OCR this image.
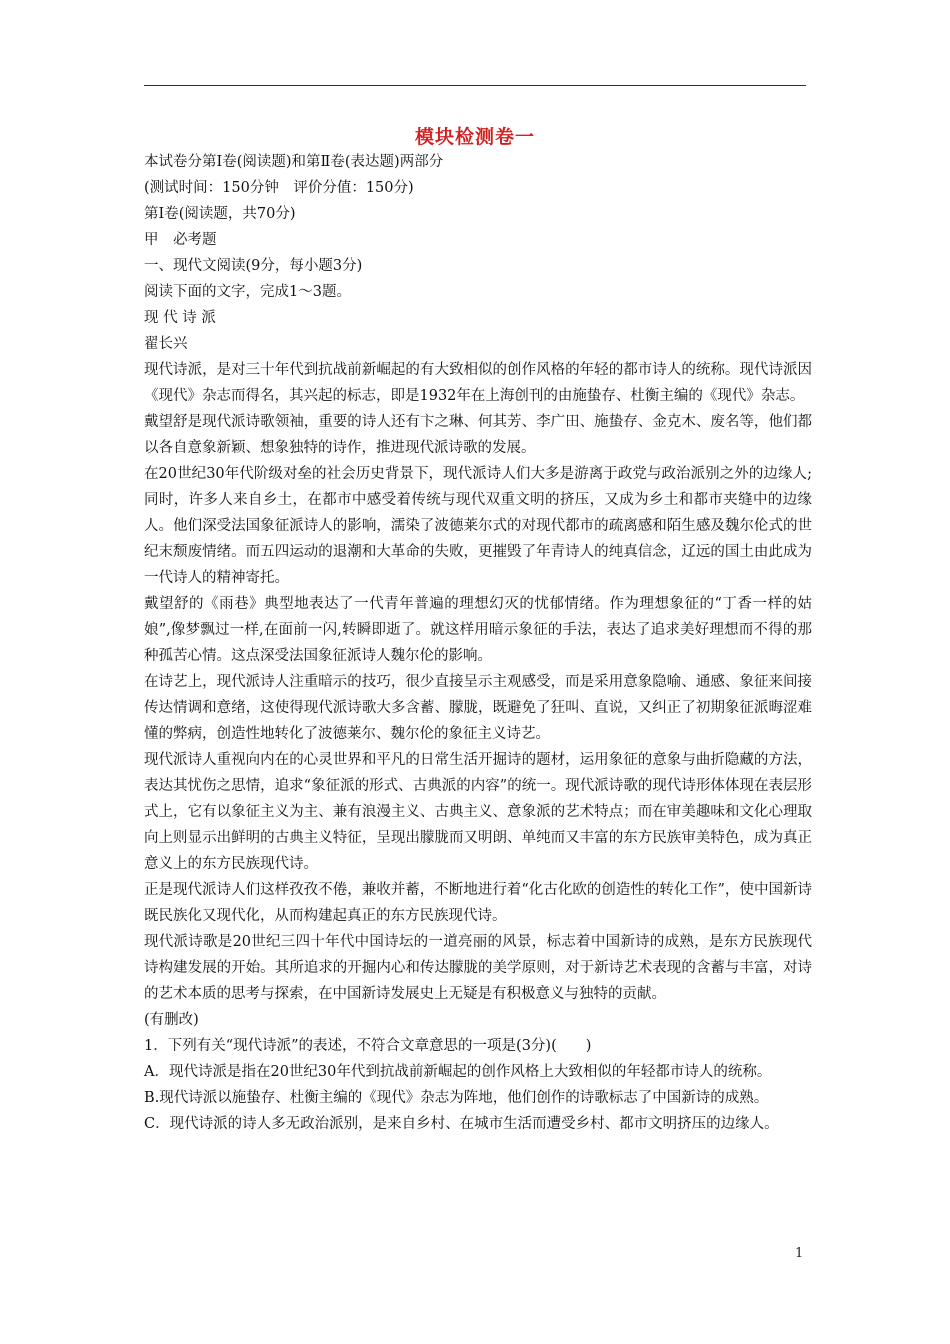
模块检测卷一

本试卷分第Ⅰ卷(阅读题)和第Ⅱ卷(表达题)两部分

(测试时间：150分钟　评价分值：150分)

第Ⅰ卷(阅读题，共70分)

甲　必考题

一、现代文阅读(9分，每小题3分)

阅读下面的文字，完成1～3题。

现 代 诗 派

翟长兴

现代诗派，是对三十年代到抗战前新崛起的有大致相似的创作风格的年轻的都市诗人的统称。现代诗派因《现代》杂志而得名，其兴起的标志，即是1932年在上海创刊的由施蛰存、杜衡主编的《现代》杂志。

戴望舒是现代派诗歌领袖，重要的诗人还有卞之琳、何其芳、李广田、施蛰存、金克木、废名等，他们都以各自意象新颖、想象独特的诗作，推进现代派诗歌的发展。

在20世纪30年代阶级对垒的社会历史背景下，现代派诗人们大多是游离于政党与政治派别之外的边缘人;同时，许多人来自乡土，在都市中感受着传统与现代双重文明的挤压，又成为乡土和都市夹缝中的边缘人。他们深受法国象征派诗人的影响，濡染了波德莱尔式的对现代都市的疏离感和陌生感及魏尔伦式的世纪末颓废情绪。而五四运动的退潮和大革命的失败，更摧毁了年青诗人的纯真信念，辽远的国土由此成为一代诗人的精神寄托。

戴望舒的《雨巷》典型地表达了一代青年普遍的理想幻灭的忧郁情绪。作为理想象征的“丁香一样的姑娘”,像梦飘过一样,在面前一闪,转瞬即逝了。就这样用暗示象征的手法，表达了追求美好理想而不得的那种孤苦心情。这点深受法国象征派诗人魏尔伦的影响。

在诗艺上，现代派诗人注重暗示的技巧，很少直接呈示主观感受，而是采用意象隐喻、通感、象征来间接传达情调和意绪，这使得现代派诗歌大多含蓄、朦胧，既避免了狂叫、直说，又纠正了初期象征派晦涩难懂的弊病，创造性地转化了波德莱尔、魏尔伦的象征主义诗艺。

现代派诗人重视向内在的心灵世界和平凡的日常生活开掘诗的题材，运用象征的意象与曲折隐藏的方法，表达其忧伤之思情，追求“象征派的形式、古典派的内容”的统一。现代派诗歌的现代诗形体体现在表层形式上，它有以象征主义为主、兼有浪漫主义、古典主义、意象派的艺术特点；而在审美趣味和文化心理取向上则显示出鲜明的古典主义特征，呈现出朦胧而又明朗、单纯而又丰富的东方民族审美特色，成为真正意义上的东方民族现代诗。

正是现代派诗人们这样孜孜不倦，兼收并蓄，不断地进行着“化古化欧的创造性的转化工作”，使中国新诗既民族化又现代化，从而构建起真正的东方民族现代诗。

现代派诗歌是20世纪三四十年代中国诗坛的一道亮丽的风景，标志着中国新诗的成熟，是东方民族现代诗构建发展的开始。其所追求的开掘内心和传达朦胧的美学原则，对于新诗艺术表现的含蓄与丰富，对诗的艺术本质的思考与探索，在中国新诗发展史上无疑是有积极意义与独特的贡献。

(有删改)

1．下列有关“现代诗派”的表述，不符合文章意思的一项是(3分)(　　)

A．现代诗派是指在20世纪30年代到抗战前新崛起的创作风格上大致相似的年轻都市诗人的统称。

B.现代诗派以施蛰存、杜衡主编的《现代》杂志为阵地，他们创作的诗歌标志了中国新诗的成熟。

C．现代诗派的诗人多无政治派别，是来自乡村、在城市生活而遭受乡村、都市文明挤压的边缘人。

1
